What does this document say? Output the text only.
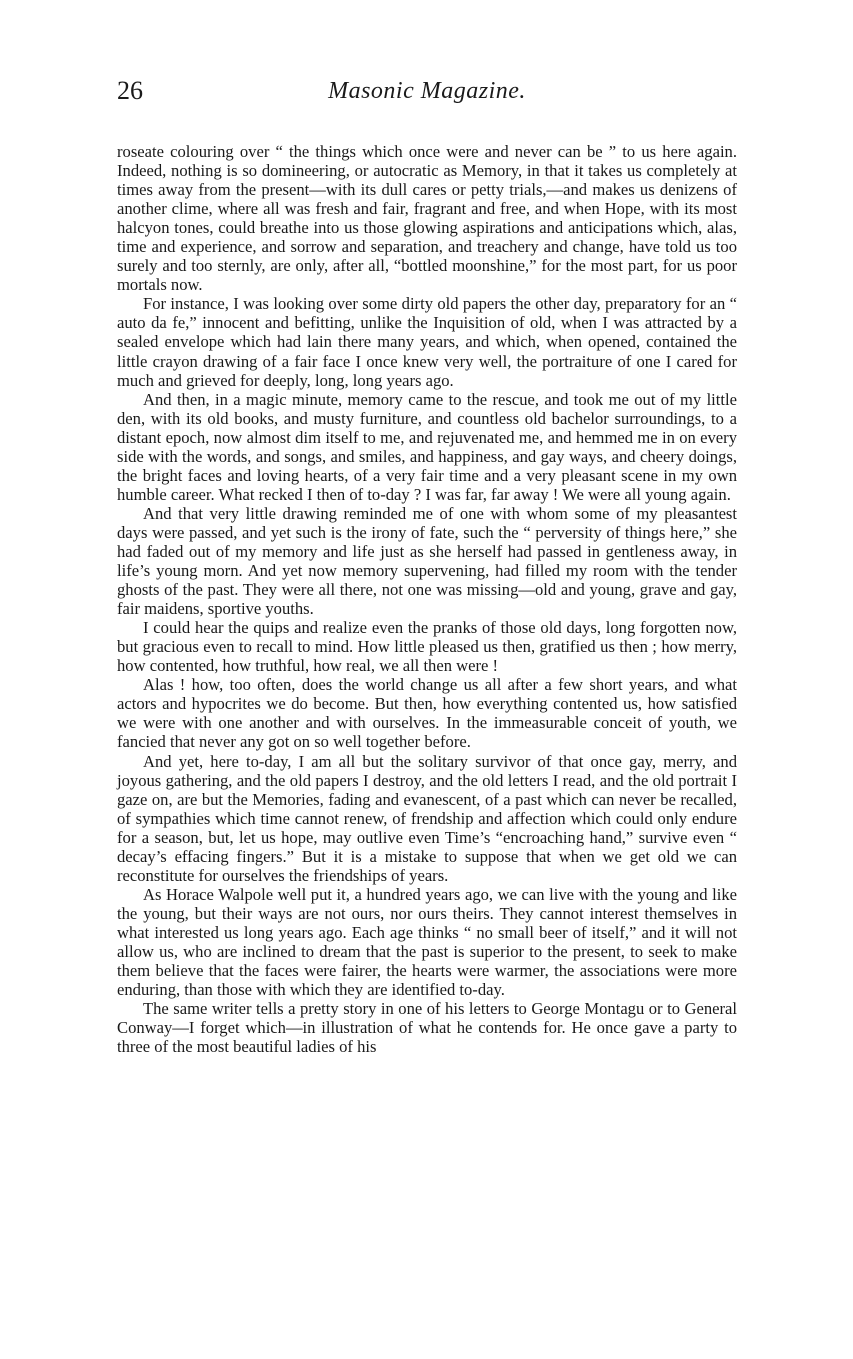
26	Masonic Magazine.

roseate colouring over “ the things which once were and never can be ” to us here again. Indeed, nothing is so domineering, or autocratic as Memory, in that it takes us completely at times away from the present—with its dull cares or petty trials,—and makes us denizens of another clime, where all was fresh and fair, fragrant and free, and when Hope, with its most halcyon tones, could breathe into us those glowing aspirations and anticipations which, alas, time and experience, and sorrow and separation, and treachery and change, have told us too surely and too sternly, are only, after all, “bottled moonshine,” for the most part, for us poor mortals now.

For instance, I was looking over some dirty old papers the other day, preparatory for an “ auto da fe,” innocent and befitting, unlike the Inquisition of old, when I was attracted by a sealed envelope which had lain there many years, and which, when opened, contained the little crayon drawing of a fair face I once knew very well, the portraiture of one I cared for much and grieved for deeply, long, long years ago.

And then, in a magic minute, memory came to the rescue, and took me out of my little den, with its old books, and musty furniture, and countless old bachelor surroundings, to a distant epoch, now almost dim itself to me, and rejuvenated me, and hemmed me in on every side with the words, and songs, and smiles, and happiness, and gay ways, and cheery doings, the bright faces and loving hearts, of a very fair time and a very pleasant scene in my own humble career. What recked I then of to-day ? I was far, far away ! We were all young again.

And that very little drawing reminded me of one with whom some of my pleasantest days were passed, and yet such is the irony of fate, such the “ perversity of things here,” she had faded out of my memory and life just as she herself had passed in gentleness away, in life’s young morn. And yet now memory supervening, had filled my room with the tender ghosts of the past. They were all there, not one was missing—old and young, grave and gay, fair maidens, sportive youths.

I could hear the quips and realize even the pranks of those old days, long forgotten now, but gracious even to recall to mind. How little pleased us then, gratified us then ; how merry, how contented, how truthful, how real, we all then were !

Alas ! how, too often, does the world change us all after a few short years, and what actors and hypocrites we do become. But then, how everything contented us, how satisfied we were with one another and with ourselves. In the immeasurable conceit of youth, we fancied that never any got on so well together before.

And yet, here to-day, I am all but the solitary survivor of that once gay, merry, and joyous gathering, and the old papers I destroy, and the old letters I read, and the old portrait I gaze on, are but the Memories, fading and evanescent, of a past which can never be recalled, of sympathies which time cannot renew, of frendship and affection which could only endure for a season, but, let us hope, may outlive even Time’s “encroaching hand,” survive even “ decay’s effacing fingers.” But it is a mistake to suppose that when we get old we can reconstitute for ourselves the friendships of years.

As Horace Walpole well put it, a hundred years ago, we can live with the young and like the young, but their ways are not ours, nor ours theirs. They cannot interest themselves in what interested us long years ago. Each age thinks “ no small beer of itself,” and it will not allow us, who are inclined to dream that the past is superior to the present, to seek to make them believe that the faces were fairer, the hearts were warmer, the associations were more enduring, than those with which they are identified to-day.

The same writer tells a pretty story in one of his letters to George Montagu or to General Conway—I forget which—in illustration of what he contends for. He once gave a party to three of the most beautiful ladies of his
